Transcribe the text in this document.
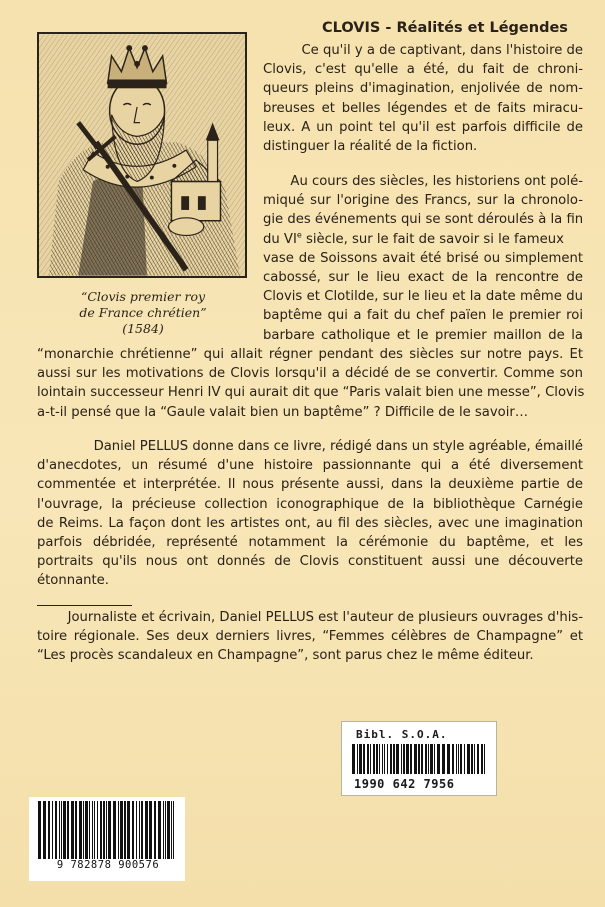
“Clovis premier roy
de France chrétien”
(1584)
CLOVIS - Réalités et Légendes
Ce qu'il y a de captivant, dans l'histoire de
Clovis, c'est qu'elle a été, du fait de chroni-
queurs pleins d'imagination, enjolivée de nom-
breuses et belles légendes et de faits miracu-
leux. A un point tel qu'il est parfois difficile de
distinguer la réalité de la fiction.
Au cours des siècles, les historiens ont polé-
miqué sur l'origine des Francs, sur la chronolo-
gie des événements qui se sont déroulés à la fin
du VIe siècle, sur le fait de savoir si le fameux
vase de Soissons avait été brisé ou simplement
cabossé, sur le lieu exact de la rencontre de
Clovis et Clotilde, sur le lieu et la date même du
baptême qui a fait du chef païen le premier roi
barbare catholique et le premier maillon de la
“monarchie chrétienne” qui allait régner pendant des siècles sur notre pays. Et
aussi sur les motivations de Clovis lorsqu'il a décidé de se convertir. Comme son
lointain successeur Henri IV qui aurait dit que “Paris valait bien une messe”, Clovis
a-t-il pensé que la “Gaule valait bien un baptême” ? Difficile de le savoir…
Daniel PELLUS donne dans ce livre, rédigé dans un style agréable, émaillé
d'anecdotes, un résumé d'une histoire passionnante qui a été diversement
commentée et interprétée. Il nous présente aussi, dans la deuxième partie de
l'ouvrage, la précieuse collection iconographique de la bibliothèque Carnégie
de Reims. La façon dont les artistes ont, au fil des siècles, avec une imagination
parfois débridée, représenté notamment la cérémonie du baptême, et les
portraits qu'ils nous ont donnés de Clovis constituent aussi une découverte
étonnante.
Journaliste et écrivain, Daniel PELLUS est l'auteur de plusieurs ouvrages d'his-
toire régionale. Ses deux derniers livres, “Femmes célèbres de Champagne” et
“Les procès scandaleux en Champagne”, sont parus chez le même éditeur.
Bibl. S.O.A.
1990 642 7956
9 782878 900576
